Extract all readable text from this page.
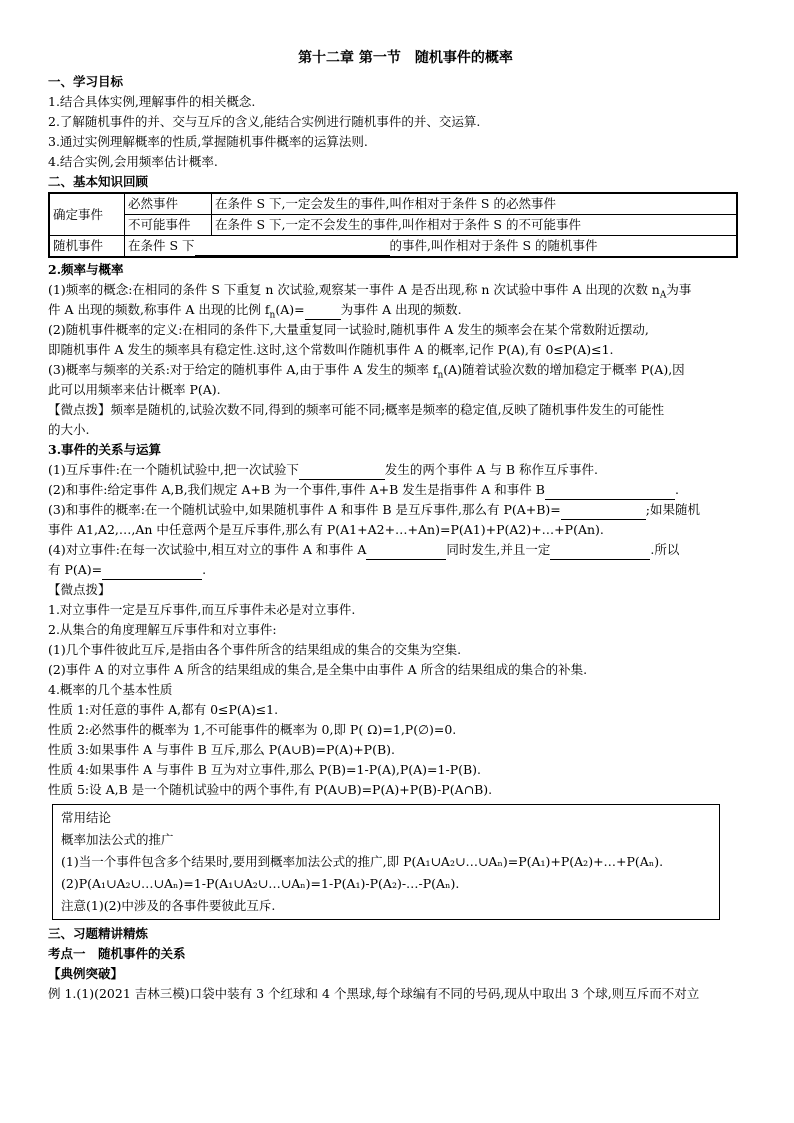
第十二章 第一节　随机事件的概率
一、学习目标
1.结合具体实例,理解事件的相关概念.
2.了解随机事件的并、交与互斥的含义,能结合实例进行随机事件的并、交运算.
3.通过实例理解概率的性质,掌握随机事件概率的运算法则.
4.结合实例,会用频率估计概率.
二、基本知识回顾
确定事件	必然事件	在条件 S 下,一定会发生的事件,叫作相对于条件 S 的必然事件
	不可能事件	在条件 S 下,一定不会发生的事件,叫作相对于条件 S 的不可能事件
随机事件	在条件 S 下 的事件,叫作相对于条件 S 的随机事件	
2.频率与概率
(1)频率的概念:在相同的条件 S 下重复 n 次试验,观察某一事件 A 是否出现,称 n 次试验中事件 A 出现的次数 $n_A$为事
件 A 出现的频数,称事件 A 出现的比例 $f_n(A)=$	为事件 A 出现的频数.
(2)随机事件概率的定义:在相同的条件下,大量重复同一试验时,随机事件 A 发生的频率会在某个常数附近摆动,
即随机事件 A 发生的频率具有稳定性.这时,这个常数叫作随机事件 A 的概率,记作 P(A),有 0≤P(A)≤1.
(3)概率与频率的关系:对于给定的随机事件 A,由于事件 A 发生的频率 $f_n(A)$随着试验次数的增加稳定于概率 P(A),因
此可以用频率来估计概率 P(A).
【微点拨】频率是随机的,试验次数不同,得到的频率可能不同;概率是频率的稳定值,反映了随机事件发生的可能性
的大小.
3.事件的关系与运算
(1)互斥事件:在一个随机试验中,把一次试验下	发生的两个事件 A 与 B 称作互斥事件.
(2)和事件:给定事件 A,B,我们规定 A+B 为一个事件,事件 A+B 发生是指事件 A 和事件 B	.
(3)和事件的概率:在一个随机试验中,如果随机事件 A 和事件 B 是互斥事件,那么有 P(A+B)=	;如果随机
事件 A1,A2,…,An 中任意两个是互斥事件,那么有 P(A1+A2+…+An)=P(A1)+P(A2)+…+P(An).
(4)对立事件:在每一次试验中,相互对立的事件 A 和事件 A	同时发生,并且一定	.所以
有 P(A)=	.
【微点拨】
1.对立事件一定是互斥事件,而互斥事件未必是对立事件.
2.从集合的角度理解互斥事件和对立事件:
(1)几个事件彼此互斥,是指由各个事件所含的结果组成的集合的交集为空集.
(2)事件 A 的对立事件 A 所含的结果组成的集合,是全集中由事件 A 所含的结果组成的集合的补集.
4.概率的几个基本性质
性质 1:对任意的事件 A,都有 0≤P(A)≤1.
性质 2:必然事件的概率为 1,不可能事件的概率为 0,即 P( Ω)=1,P(∅)=0.
性质 3:如果事件 A 与事件 B 互斥,那么 P(A∪B)=P(A)+P(B).
性质 4:如果事件 A 与事件 B 互为对立事件,那么 P(B)=1-P(A),P(A)=1-P(B).
性质 5:设 A,B 是一个随机试验中的两个事件,有 P(A∪B)=P(A)+P(B)-P(A∩B).
常用结论
概率加法公式的推广
(1)当一个事件包含多个结果时,要用到概率加法公式的推广,即 P(A₁∪A₂∪…∪Aₙ)=P(A₁)+P(A₂)+…+P(Aₙ).
(2)P(A₁∪A₂∪…∪Aₙ)=1-P(A₁∪A₂∪…∪Aₙ)=1-P(A₁)-P(A₂)-…-P(Aₙ).
注意(1)(2)中涉及的各事件要彼此互斥.
三、习题精讲精炼
考点一　随机事件的关系
【典例突破】
例 1.(1)(2021 吉林三模)口袋中装有 3 个红球和 4 个黑球,每个球编有不同的号码,现从中取出 3 个球,则互斥而不对立
